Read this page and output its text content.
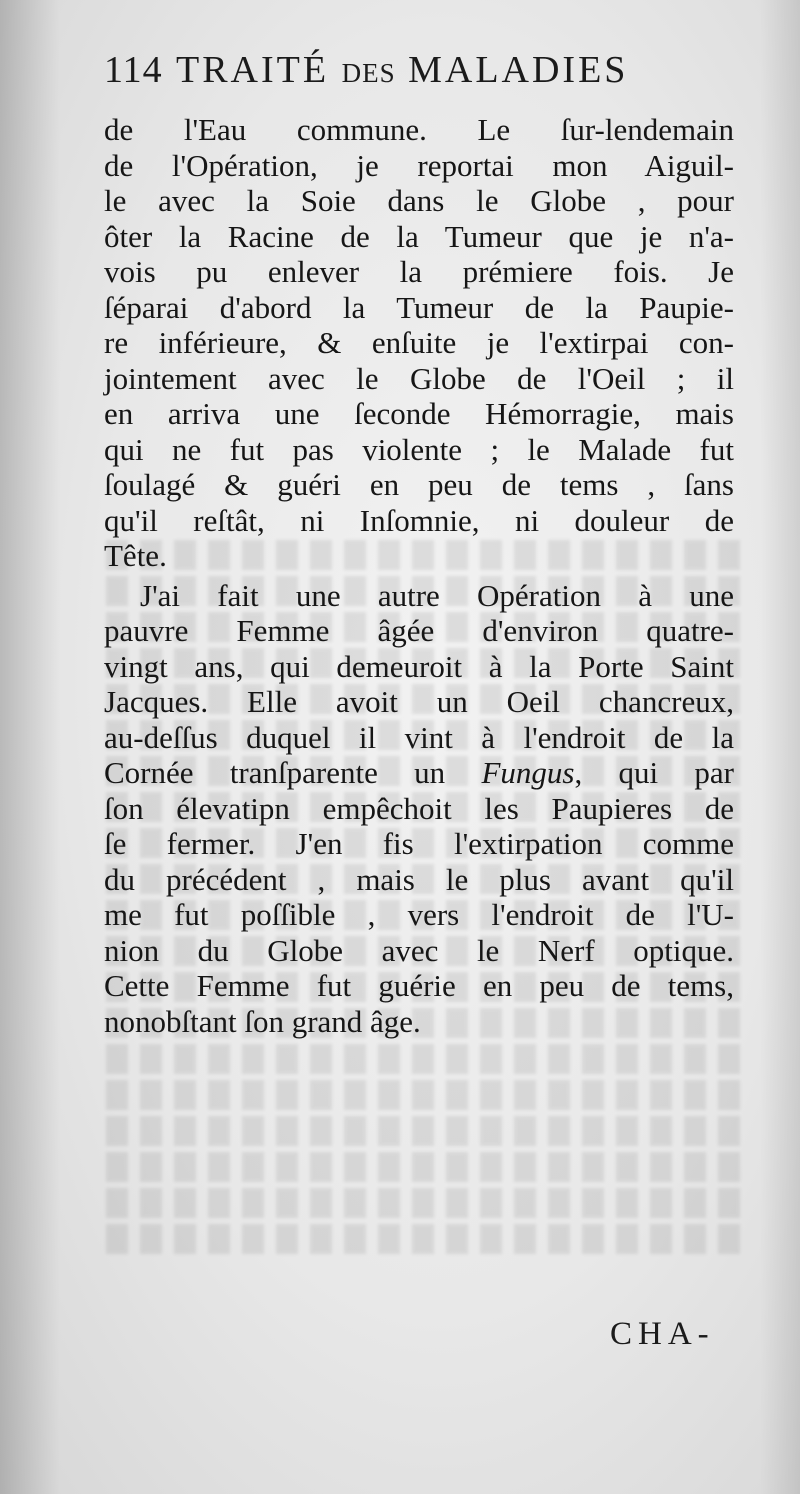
114 TRAITÉ DES MALADIES
de l'Eau commune. Le ſur-lendemain
de l'Opération, je reportai mon Aiguil-
le avec la Soie dans le Globe , pour
ôter la Racine de la Tumeur que je n'a-
vois pu enlever la prémiere fois. Je
ſéparai d'abord la Tumeur de la Paupie-
re inférieure, & enſuite je l'extirpai con-
jointement avec le Globe de l'Oeil ; il
en arriva une ſeconde Hémorragie, mais
qui ne fut pas violente ; le Malade fut
ſoulagé & guéri en peu de tems , ſans
qu'il reſtât, ni Inſomnie, ni douleur de
Tête.
J'ai fait une autre Opération à une
pauvre Femme âgée d'environ quatre-
vingt ans, qui demeuroit à la Porte Saint
Jacques. Elle avoit un Oeil chancreux,
au-deſſus duquel il vint à l'endroit de la
Cornée tranſparente un Fungus, qui par
ſon élevatipn empêchoit les Paupieres de
ſe fermer. J'en fis l'extirpation comme
du précédent , mais le plus avant qu'il
me fut poſſible , vers l'endroit de l'U-
nion du Globe avec le Nerf optique.
Cette Femme fut guérie en peu de tems,
nonobſtant ſon grand âge.
CHA-
